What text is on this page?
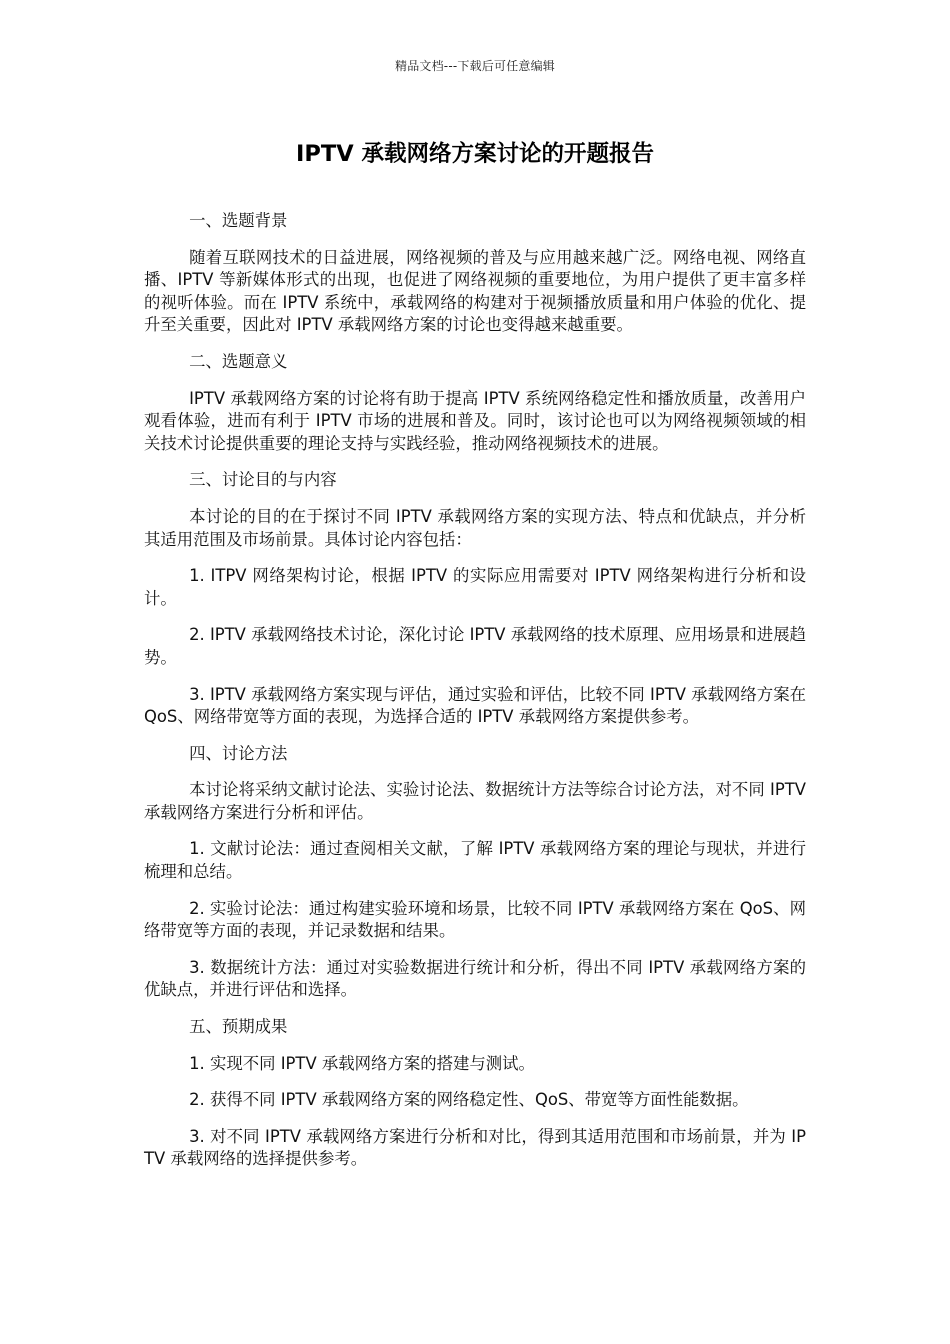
精品文档---下载后可任意编辑
IPTV 承载网络方案讨论的开题报告

一、选题背景

随着互联网技术的日益进展，网络视频的普及与应用越来越广泛。网络电视、网络直播、IPTV 等新媒体形式的出现，也促进了网络视频的重要地位，为用户提供了更丰富多样的视听体验。而在 IPTV 系统中，承载网络的构建对于视频播放质量和用户体验的优化、提升至关重要，因此对 IPTV 承载网络方案的讨论也变得越来越重要。

二、选题意义

IPTV 承载网络方案的讨论将有助于提高 IPTV 系统网络稳定性和播放质量，改善用户观看体验，进而有利于 IPTV 市场的进展和普及。同时，该讨论也可以为网络视频领域的相关技术讨论提供重要的理论支持与实践经验，推动网络视频技术的进展。

三、讨论目的与内容

本讨论的目的在于探讨不同 IPTV 承载网络方案的实现方法、特点和优缺点，并分析其适用范围及市场前景。具体讨论内容包括：

1. ITPV 网络架构讨论，根据 IPTV 的实际应用需要对 IPTV 网络架构进行分析和设计。

2. IPTV 承载网络技术讨论，深化讨论 IPTV 承载网络的技术原理、应用场景和进展趋势。

3. IPTV 承载网络方案实现与评估，通过实验和评估，比较不同 IPTV 承载网络方案在 QoS、网络带宽等方面的表现，为选择合适的 IPTV 承载网络方案提供参考。

四、讨论方法

本讨论将采纳文献讨论法、实验讨论法、数据统计方法等综合讨论方法，对不同 IPTV 承载网络方案进行分析和评估。

1. 文献讨论法：通过查阅相关文献，了解 IPTV 承载网络方案的理论与现状，并进行梳理和总结。

2. 实验讨论法：通过构建实验环境和场景，比较不同 IPTV 承载网络方案在 QoS、网络带宽等方面的表现，并记录数据和结果。

3. 数据统计方法：通过对实验数据进行统计和分析，得出不同 IPTV 承载网络方案的优缺点，并进行评估和选择。

五、预期成果

1. 实现不同 IPTV 承载网络方案的搭建与测试。

2. 获得不同 IPTV 承载网络方案的网络稳定性、QoS、带宽等方面性能数据。

3. 对不同 IPTV 承载网络方案进行分析和对比，得到其适用范围和市场前景，并为 IPTV 承载网络的选择提供参考。
